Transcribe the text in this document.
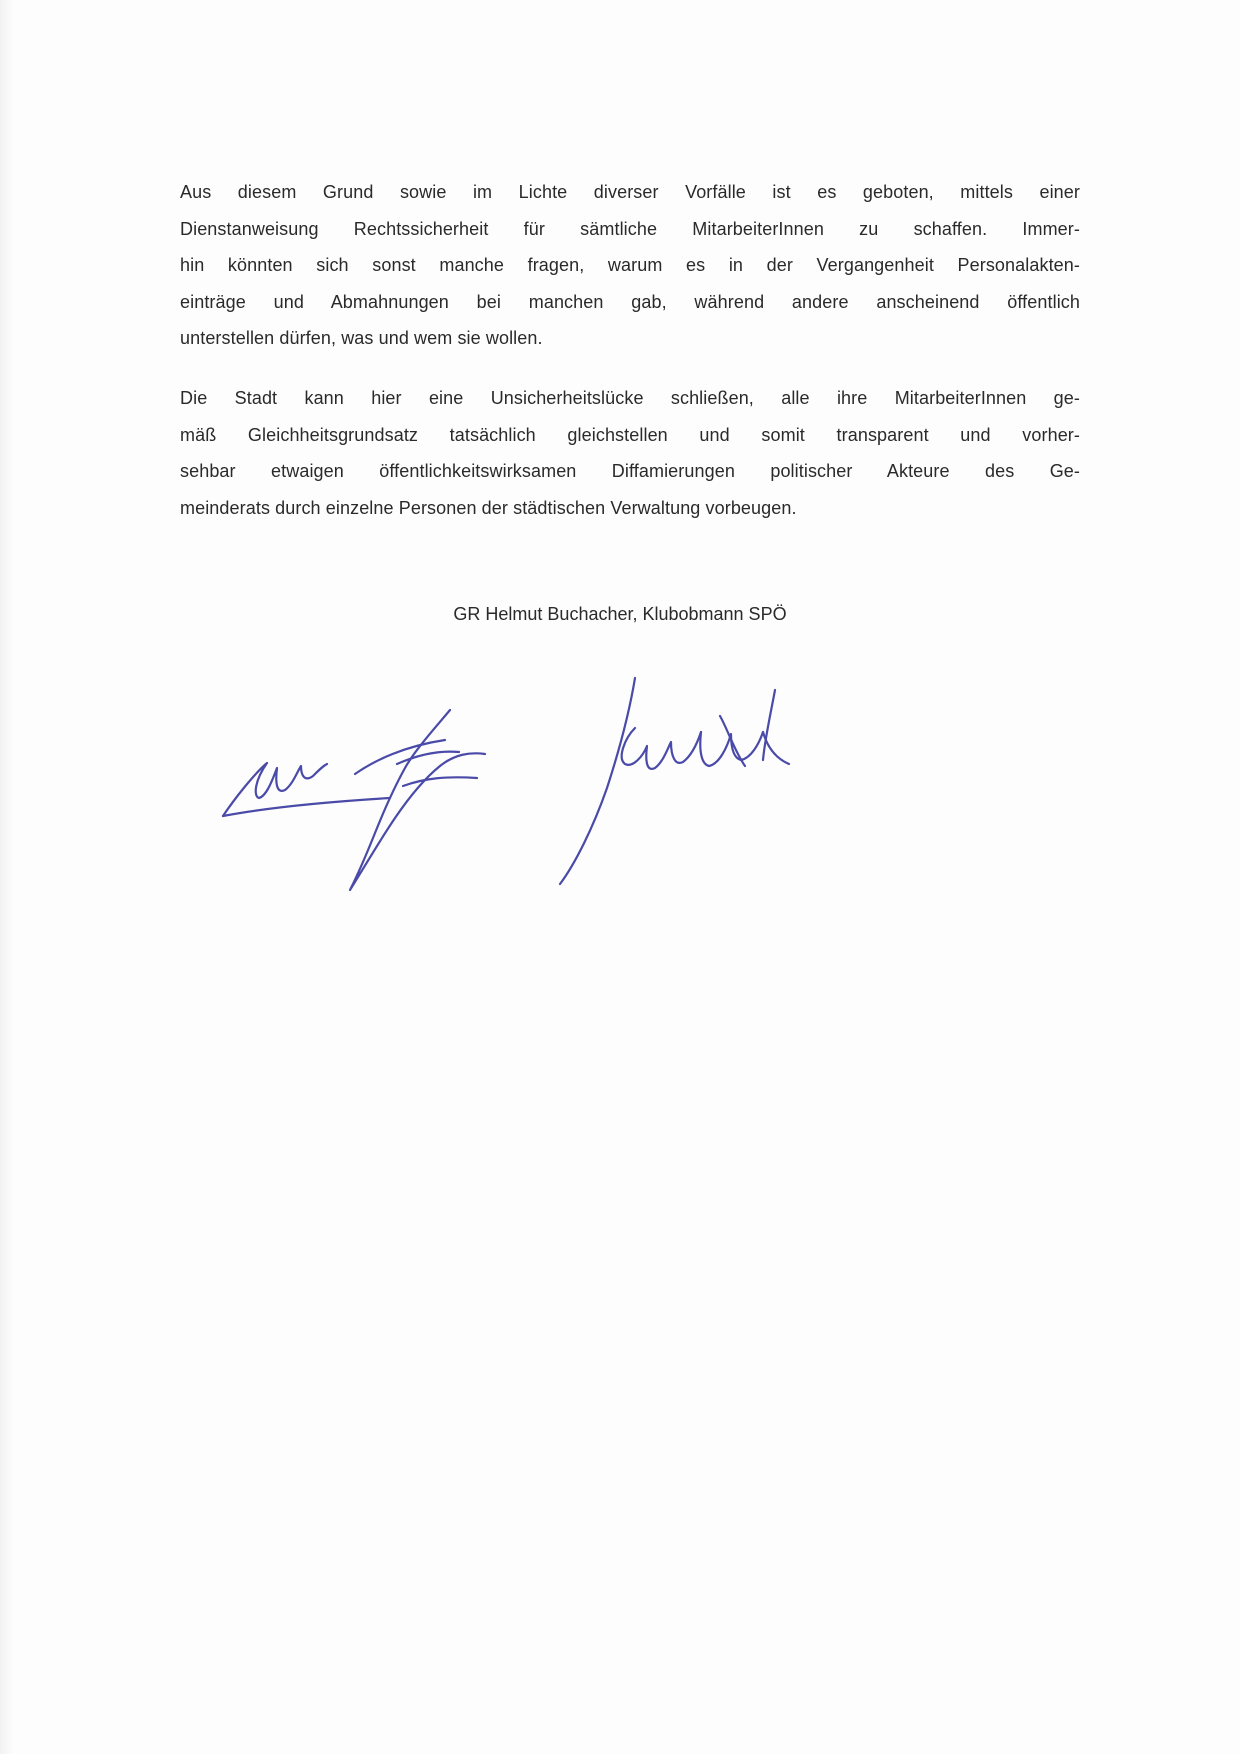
Aus diesem Grund sowie im Lichte diverser Vorfälle ist es geboten, mittels einer
Dienstanweisung Rechtssicherheit für sämtliche MitarbeiterInnen zu schaffen. Immer-
hin könnten sich sonst manche fragen, warum es in der Vergangenheit Personalakten-
einträge und Abmahnungen bei manchen gab, während andere anscheinend öffentlich
unterstellen dürfen, was und wem sie wollen.
Die Stadt kann hier eine Unsicherheitslücke schließen, alle ihre MitarbeiterInnen ge-
mäß Gleichheitsgrundsatz tatsächlich gleichstellen und somit transparent und vorher-
sehbar etwaigen öffentlichkeitswirksamen Diffamierungen politischer Akteure des Ge-
meinderats durch einzelne Personen der städtischen Verwaltung vorbeugen.
GR Helmut Buchacher, Klubobmann SPÖ
